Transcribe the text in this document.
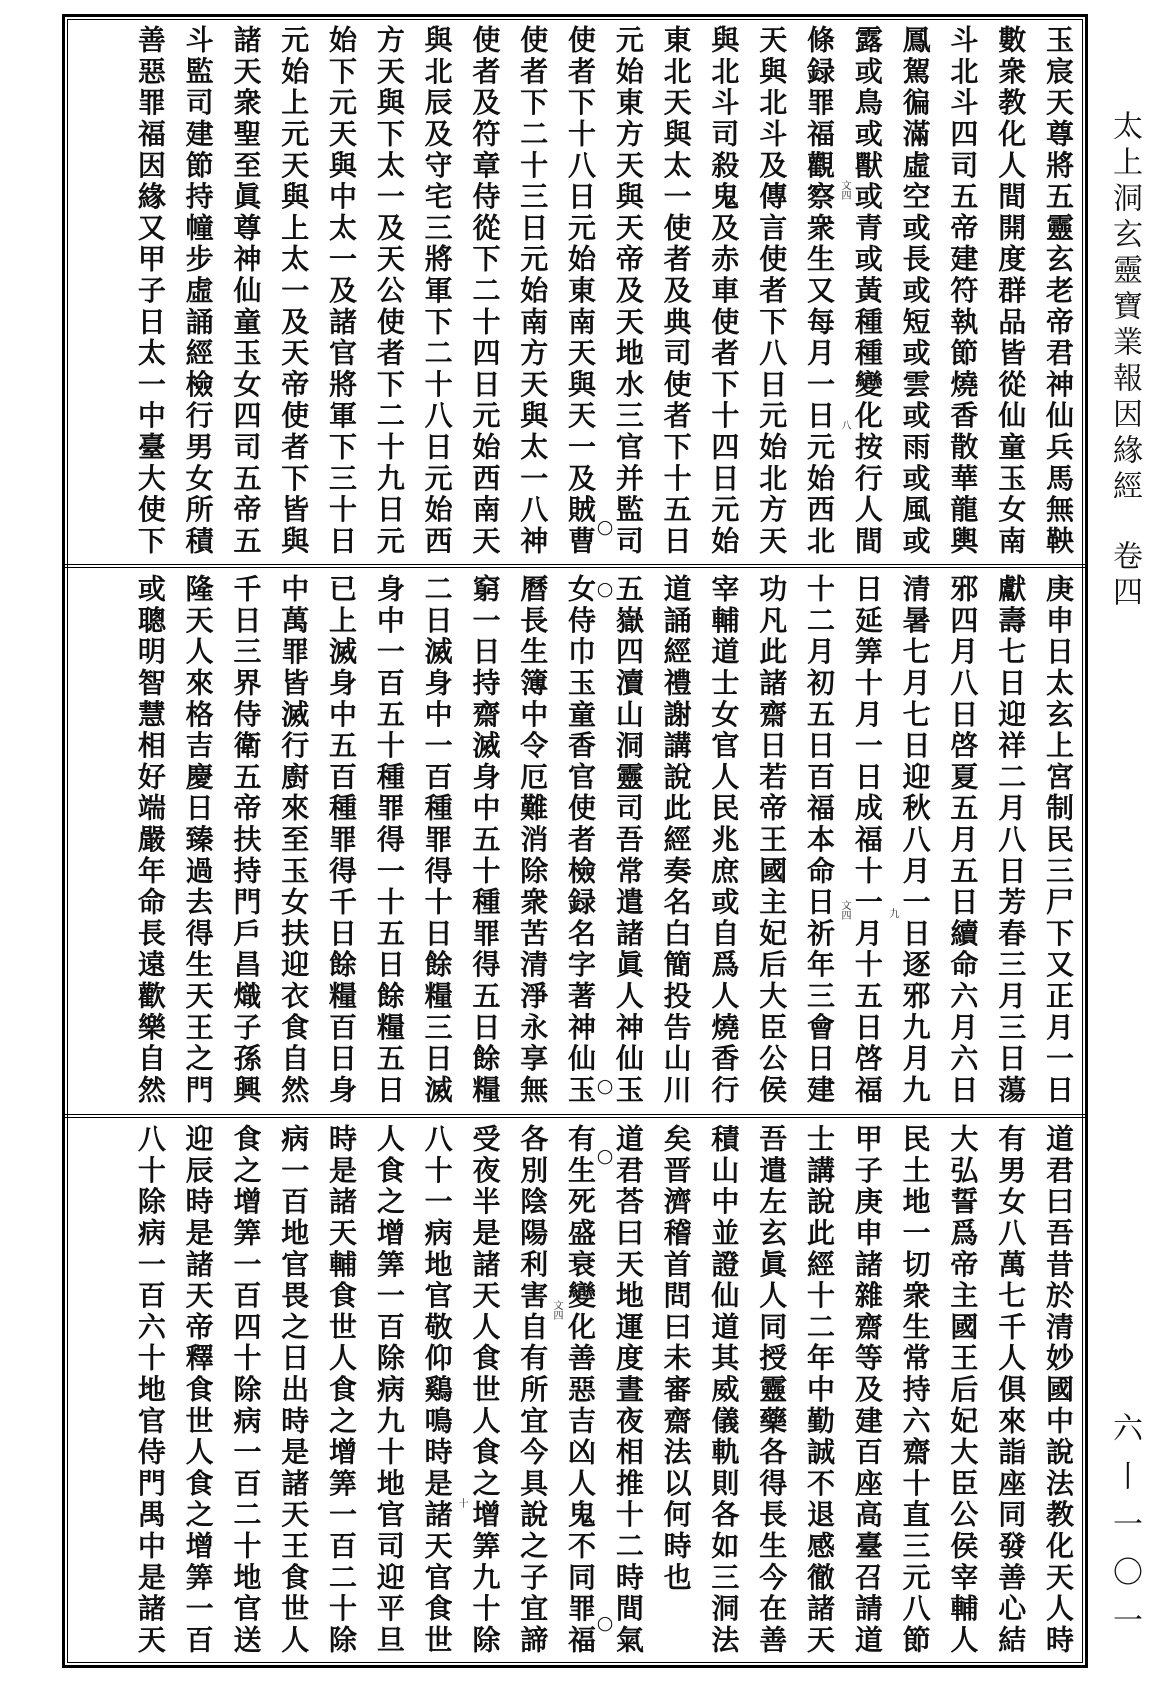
玉宸天尊將五靈玄老帝君神仙兵馬無鞅
數衆教化人間開度群品皆從仙童玉女南
斗北斗四司五帝建符執節燒香散華龍輿
鳳駕徧滿虛空或長或短或雲或雨或風或
露或鳥或獸或青或黃種種變化按行人間
條録罪福觀察衆生又每月一日元始西北
天與北斗及傳言使者下八日元始北方天
與北斗司殺鬼及赤車使者下十四日元始
東北天與太一使者及典司使者下十五日
元始東方天與天帝及天地水三官并監司
使者下十八日元始東南天與天一及賊曹
使者下二十三日元始南方天與太一八神
使者及符章侍從下二十四日元始西南天
與北辰及守宅三將軍下二十八日元始西
方天與下太一及天公使者下二十九日元
始下元天與中太一及諸官將軍下三十日
元始上元天與上太一及天帝使者下皆與
諸天衆聖至眞尊神仙童玉女四司五帝五
斗監司建節持幢步虛誦經檢行男女所積
善惡罪福因緣又甲子日太一中臺大使下
庚申日太玄上宮制民三尸下又正月一日
獻壽七日迎祥二月八日芳春三月三日蕩
邪四月八日啓夏五月五日續命六月六日
清暑七月七日迎秋八月一日逐邪九月九
日延筭十月一日成福十一月十五日啓福
十二月初五日百福本命日祈年三會日建
功凡此諸齋日若帝王國主妃后大臣公侯
宰輔道士女官人民兆庶或自爲人燒香行
道誦經禮謝講說此經奏名白簡投告山川
五嶽四瀆山洞靈司吾常遣諸眞人神仙玉
女侍巾玉童香官使者檢録名字著神仙玉
曆長生簿中令厄難消除衆苦清淨永享無
窮一日持齋滅身中五十種罪得五日餘糧
二日滅身中一百種罪得十日餘糧三日滅
身中一百五十種罪得一十五日餘糧五日
已上滅身中五百種罪得千日餘糧百日身
中萬罪皆滅行廚來至玉女扶迎衣食自然
千日三界侍衛五帝扶持門戶昌熾子孫興
隆天人來格吉慶日臻過去得生天王之門
或聰明智慧相好端嚴年命長遠歡樂自然
道君曰吾昔於清妙國中說法教化天人時
有男女八萬七千人俱來詣座同發善心結
大弘誓爲帝主國王后妃大臣公侯宰輔人
民土地一切衆生常持六齋十直三元八節
甲子庚申諸雜齋等及建百座高臺召請道
士講說此經十二年中勤誠不退感徹諸天
吾遣左玄眞人同授靈藥各得長生今在善
積山中並證仙道其威儀軌則各如三洞法
矣晋濟稽首問曰未審齋法以何時也
道君荅曰天地運度晝夜相推十二時間氣
有生死盛衰變化善惡吉凶人鬼不同罪福
各別陰陽利害自有所宜今具說之子宜諦
受夜半是諸天人食世人食之增筭九十除
八十一病地官敬仰鷄鳴時是諸天官食世
人食之增筭一百除病九十地官司迎平旦
時是諸天輔食世人食之增筭一百二十除
病一百地官畏之日出時是諸天王食世人
食之增筭一百四十除病一百二十地官送
迎辰時是諸天帝釋食世人食之增筭一百
八十除病一百六十地官侍門禺中是諸天
○
○
○
○
○
文四
八
文四	九
文四
十
太上洞玄靈寶業報因緣經
卷四
六丨一〇一
